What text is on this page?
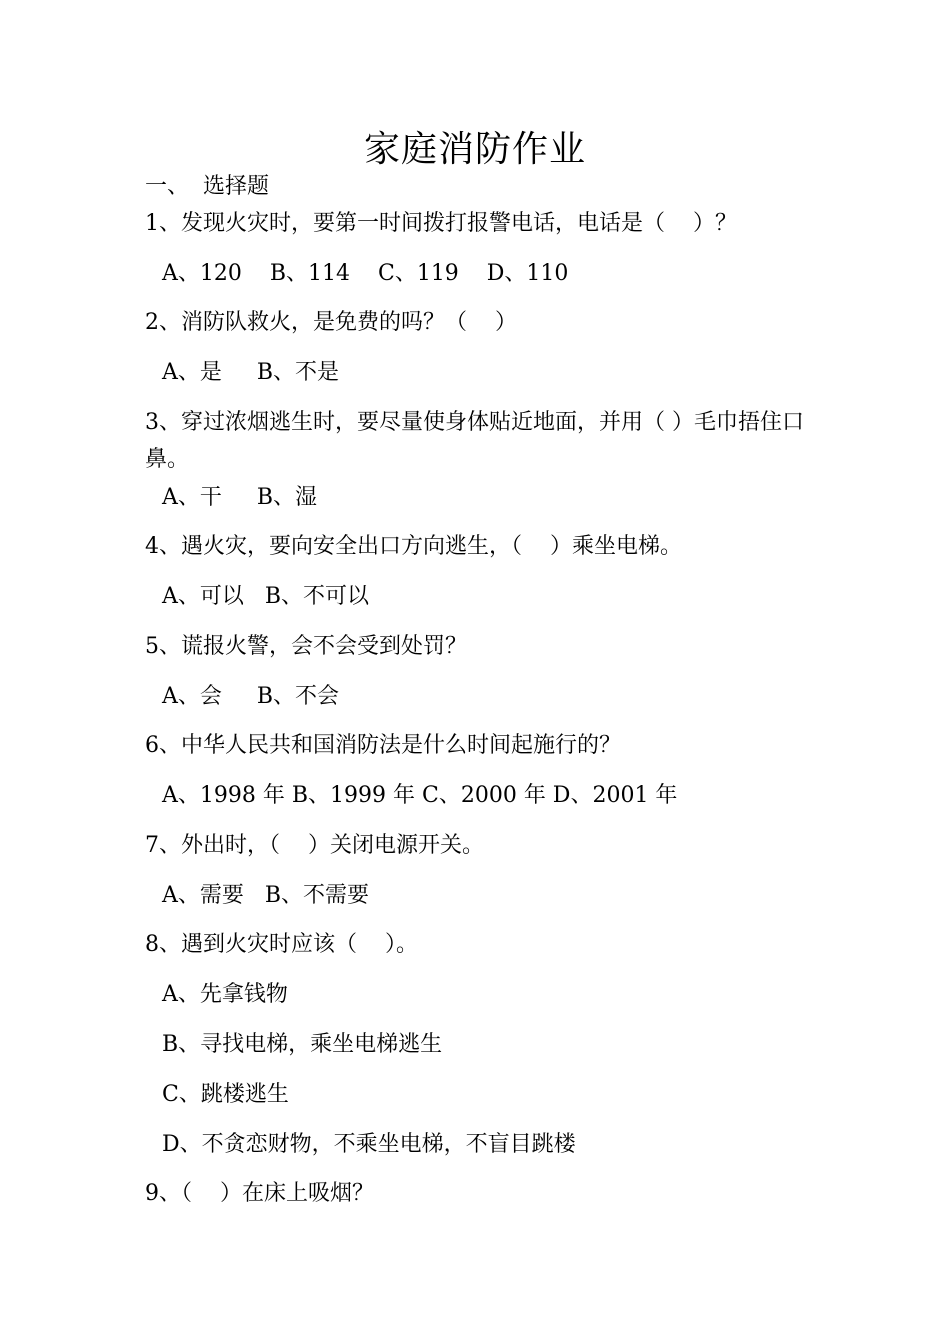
家庭消防作业
一、  选择题
1、发现火灾时，要第一时间拨打报警电话，电话是（    ）？
A、120    B、114    C、119    D、110
2、消防队救火，是免费的吗？（    ）
A、是     B、不是
3、穿过浓烟逃生时，要尽量使身体贴近地面，并用（ ）毛巾捂住口鼻。
A、干     B、湿
4、遇火灾，要向安全出口方向逃生，（    ）乘坐电梯。
A、可以   B、不可以
5、谎报火警，会不会受到处罚？
A、会     B、不会
6、中华人民共和国消防法是什么时间起施行的？
A、1998 年 B、1999 年 C、2000 年 D、2001 年
7、外出时，（    ）关闭电源开关。
A、需要   B、不需要
8、遇到火灾时应该（    ）。
A、先拿钱物
B、寻找电梯，乘坐电梯逃生
C、跳楼逃生
D、不贪恋财物，不乘坐电梯，不盲目跳楼
9、（    ）在床上吸烟？
